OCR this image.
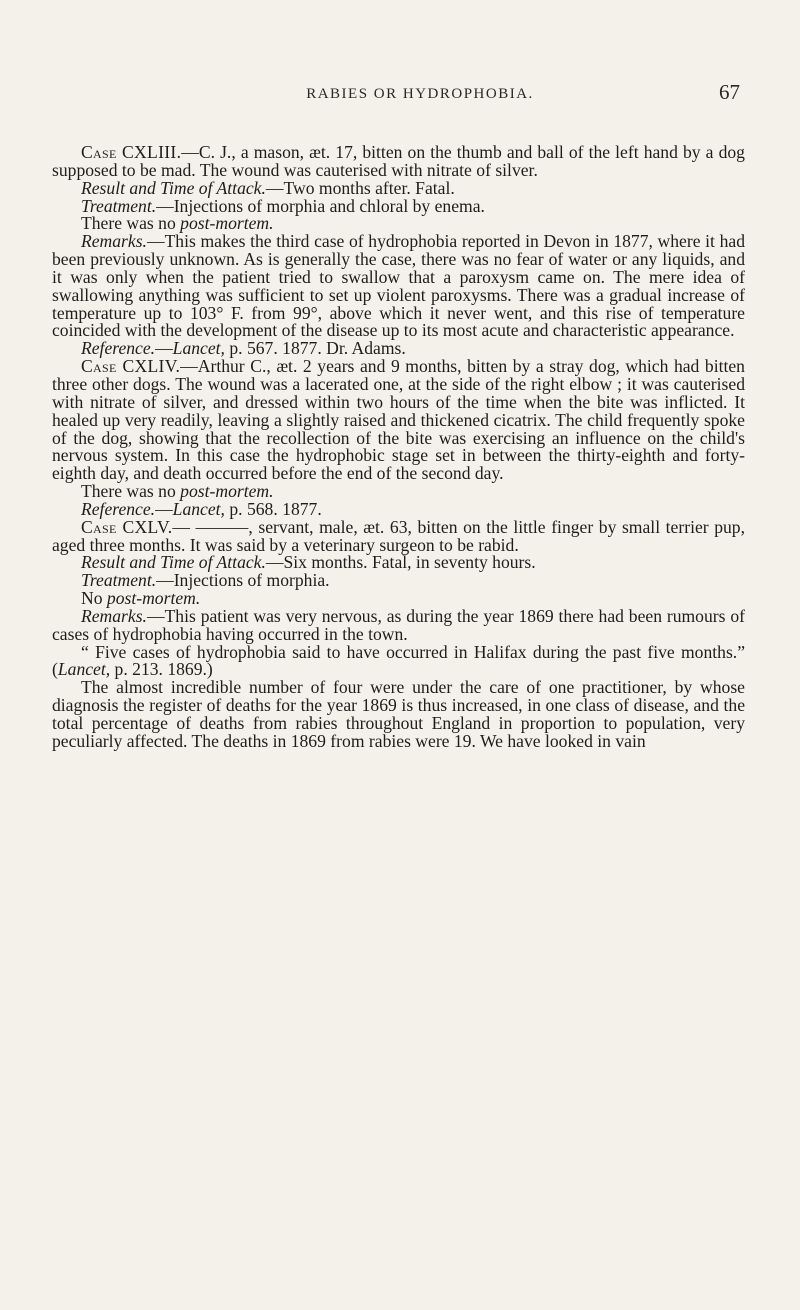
RABIES OR HYDROPHOBIA.	67

Case CXLIII.—C. J., a mason, æt. 17, bitten on the thumb and ball of the left hand by a dog supposed to be mad. The wound was cauterised with nitrate of silver.

Result and Time of Attack.—Two months after. Fatal.

Treatment.—Injections of morphia and chloral by enema.

There was no post-mortem.

Remarks.—This makes the third case of hydrophobia reported in Devon in 1877, where it had been previously unknown. As is generally the case, there was no fear of water or any liquids, and it was only when the patient tried to swallow that a paroxysm came on. The mere idea of swallowing anything was sufficient to set up violent paroxysms. There was a gradual increase of temperature up to 103° F. from 99°, above which it never went, and this rise of temperature coincided with the development of the disease up to its most acute and characteristic appearance.

Reference.—Lancet, p. 567. 1877. Dr. Adams.

Case CXLIV.—Arthur C., æt. 2 years and 9 months, bitten by a stray dog, which had bitten three other dogs. The wound was a lacerated one, at the side of the right elbow ; it was cauterised with nitrate of silver, and dressed within two hours of the time when the bite was inflicted. It healed up very readily, leaving a slightly raised and thickened cicatrix. The child frequently spoke of the dog, showing that the recollection of the bite was exercising an influence on the child's nervous system. In this case the hydrophobic stage set in between the thirty-eighth and forty-eighth day, and death occurred before the end of the second day.

There was no post-mortem.

Reference.—Lancet, p. 568. 1877.

Case CXLV.— ———, servant, male, æt. 63, bitten on the little finger by small terrier pup, aged three months. It was said by a veterinary surgeon to be rabid.

Result and Time of Attack.—Six months. Fatal, in seventy hours.

Treatment.—Injections of morphia.

No post-mortem.

Remarks.—This patient was very nervous, as during the year 1869 there had been rumours of cases of hydrophobia having occurred in the town.

“ Five cases of hydrophobia said to have occurred in Halifax during the past five months.” (Lancet, p. 213. 1869.)

The almost incredible number of four were under the care of one practitioner, by whose diagnosis the register of deaths for the year 1869 is thus increased, in one class of disease, and the total percentage of deaths from rabies throughout England in proportion to population, very peculiarly affected. The deaths in 1869 from rabies were 19. We have looked in vain
